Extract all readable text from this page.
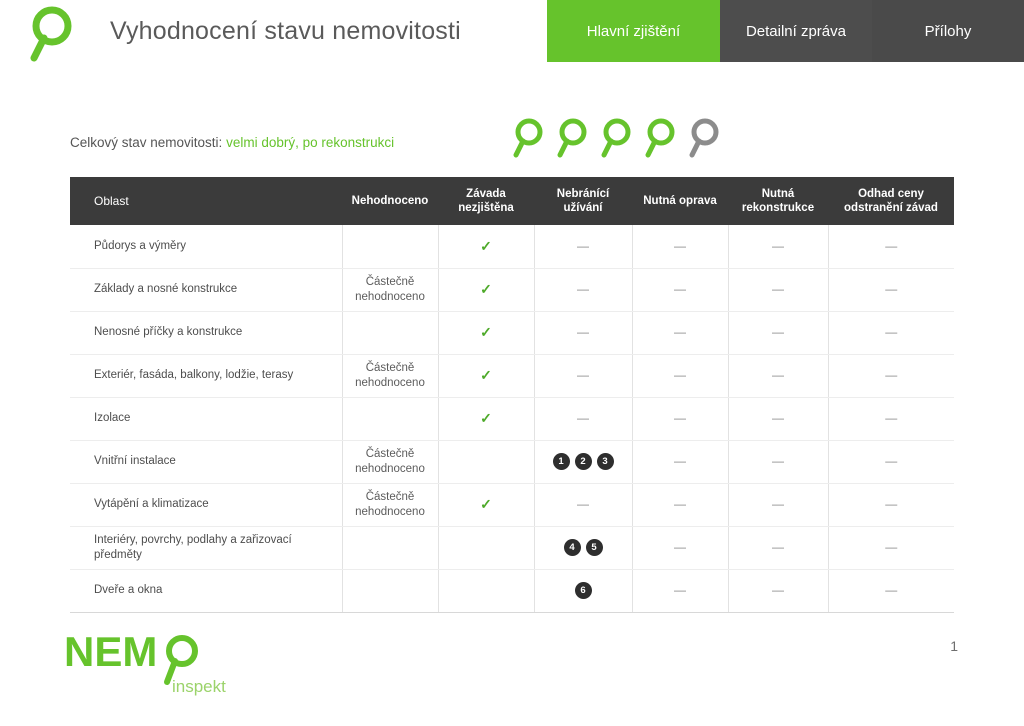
Vyhodnocení stavu nemovitosti	Hlavní zjištění	Detailní zpráva	Přílohy
Celkový stav nemovitosti: velmi dobrý, po rekonstrukci
Oblast	Nehodnoceno	Závada nezjištěna	Nebránící užívání	Nutná oprava	Nutná rekonstrukce	Odhad ceny odstranění závad
Půdorys a výměry		✓	—	—	—	—
Základy a nosné konstrukce	Částečně nehodnoceno	✓	—	—	—	—
Nenosné příčky a konstrukce		✓	—	—	—	—
Exteriér, fasáda, balkony, lodžie, terasy	Částečně nehodnoceno	✓	—	—	—	—
Izolace		✓	—	—	—	—
Vnitřní instalace	Částečně nehodnoceno		1 2 3	—	—	—
Vytápění a klimatizace	Částečně nehodnoceno	✓	—	—	—	—
Interiéry, povrchy, podlahy a zařizovací předměty			4 5	—	—	—
Dveře a okna			6	—	—	—
NEM
inspekt
1
